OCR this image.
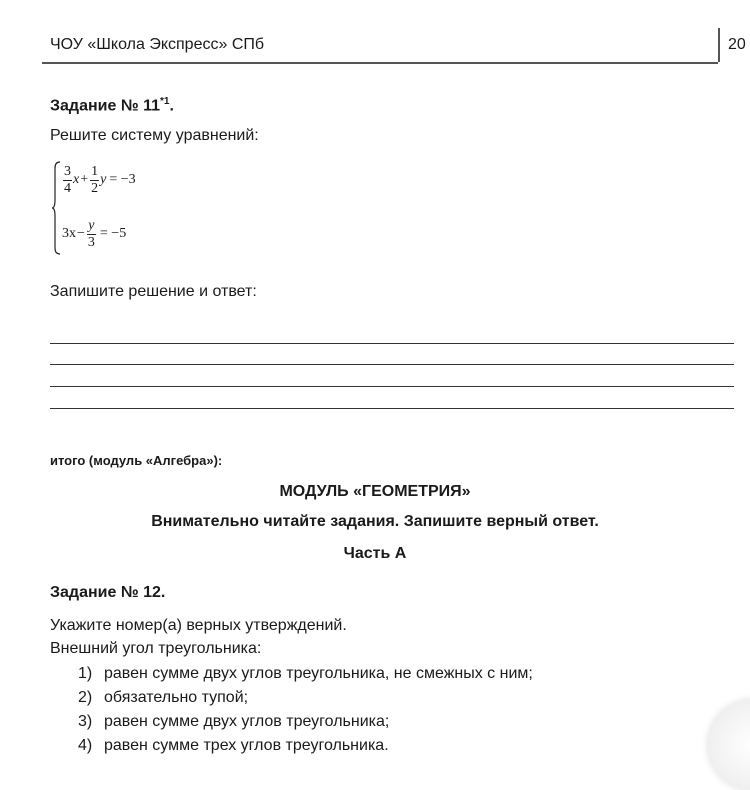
ЧОУ «Школа Экспресс» СПб	20
Задание № 11$^{*1}$.
Решите систему уравнений:
$\frac{3}{4}$ $x + \frac{1}{2}$ y = −3
$3x - \frac{y}{3} = -5$
Запишите решение и ответ:
итого (модуль «Алгебра»):
МОДУЛЬ «ГЕОМЕТРИЯ»
Внимательно читайте задания. Запишите верный ответ.
Часть А
Задание № 12.
Укажите номер(а) верных утверждений.
Внешний угол треугольника:
1) равен сумме двух углов треугольника, не смежных с ним;
2) обязательно тупой;
3) равен сумме двух углов треугольника;
4) равен сумме трех углов треугольника.
